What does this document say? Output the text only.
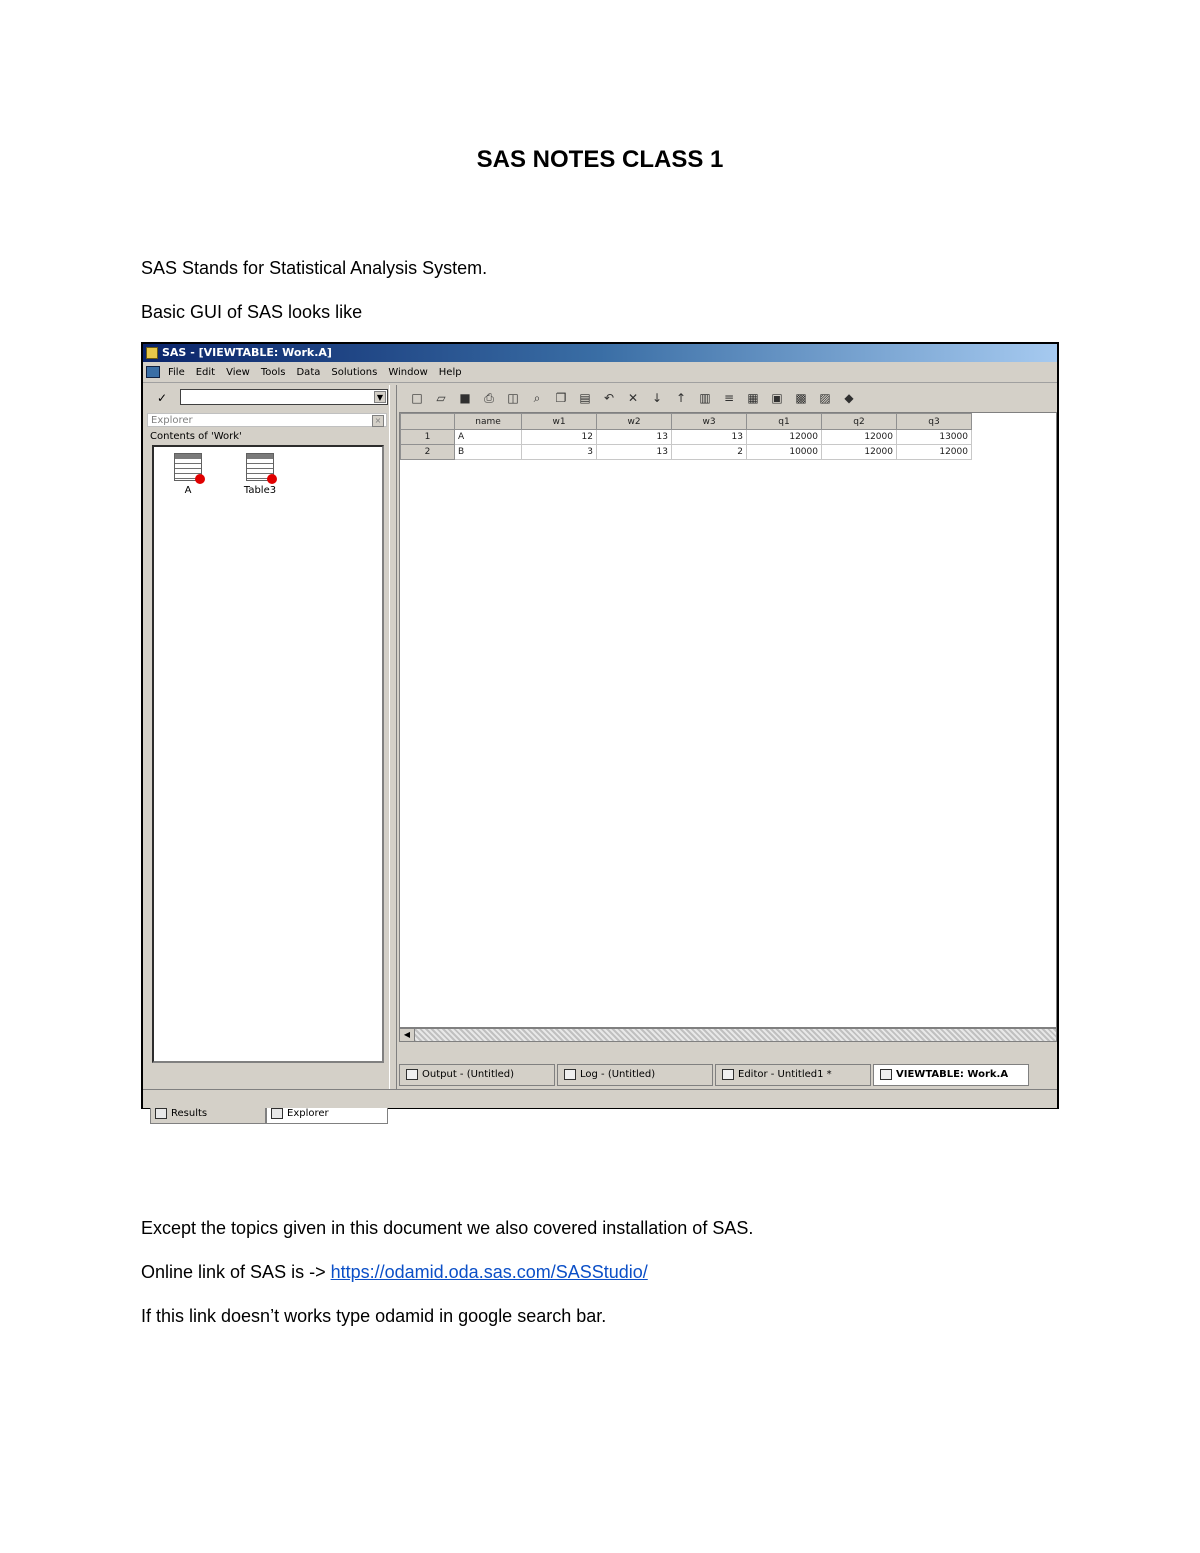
SAS NOTES CLASS 1
SAS Stands for Statistical Analysis System.
Basic GUI of SAS looks like
SAS - [VIEWTABLE: Work.A]
File Edit View Tools Data Solutions Window Help
✓	▼
Explorer	×
Contents of 'Work'
A	Table3
Results	Explorer
□ ▱ ■ ⎙ ◫	⌕	❐ ▤ ↶ ✕ ↓ ↑ ▥ ≡ ▦ ▣ ▩ ▨ ◆
	name	w1	w2	w3	q1	q2	q3
1	A	12	13	13	12000	12000	13000
2	B	3	13	2	10000	12000	12000
◀
Output - (Untitled)	Log - (Untitled)	Editor - Untitled1 *	VIEWTABLE: Work.A
Except the topics given in this document we also covered installation of SAS.
Online link of SAS is -> https://odamid.oda.sas.com/SASStudio/
If this link doesn’t works type odamid in google search bar.
